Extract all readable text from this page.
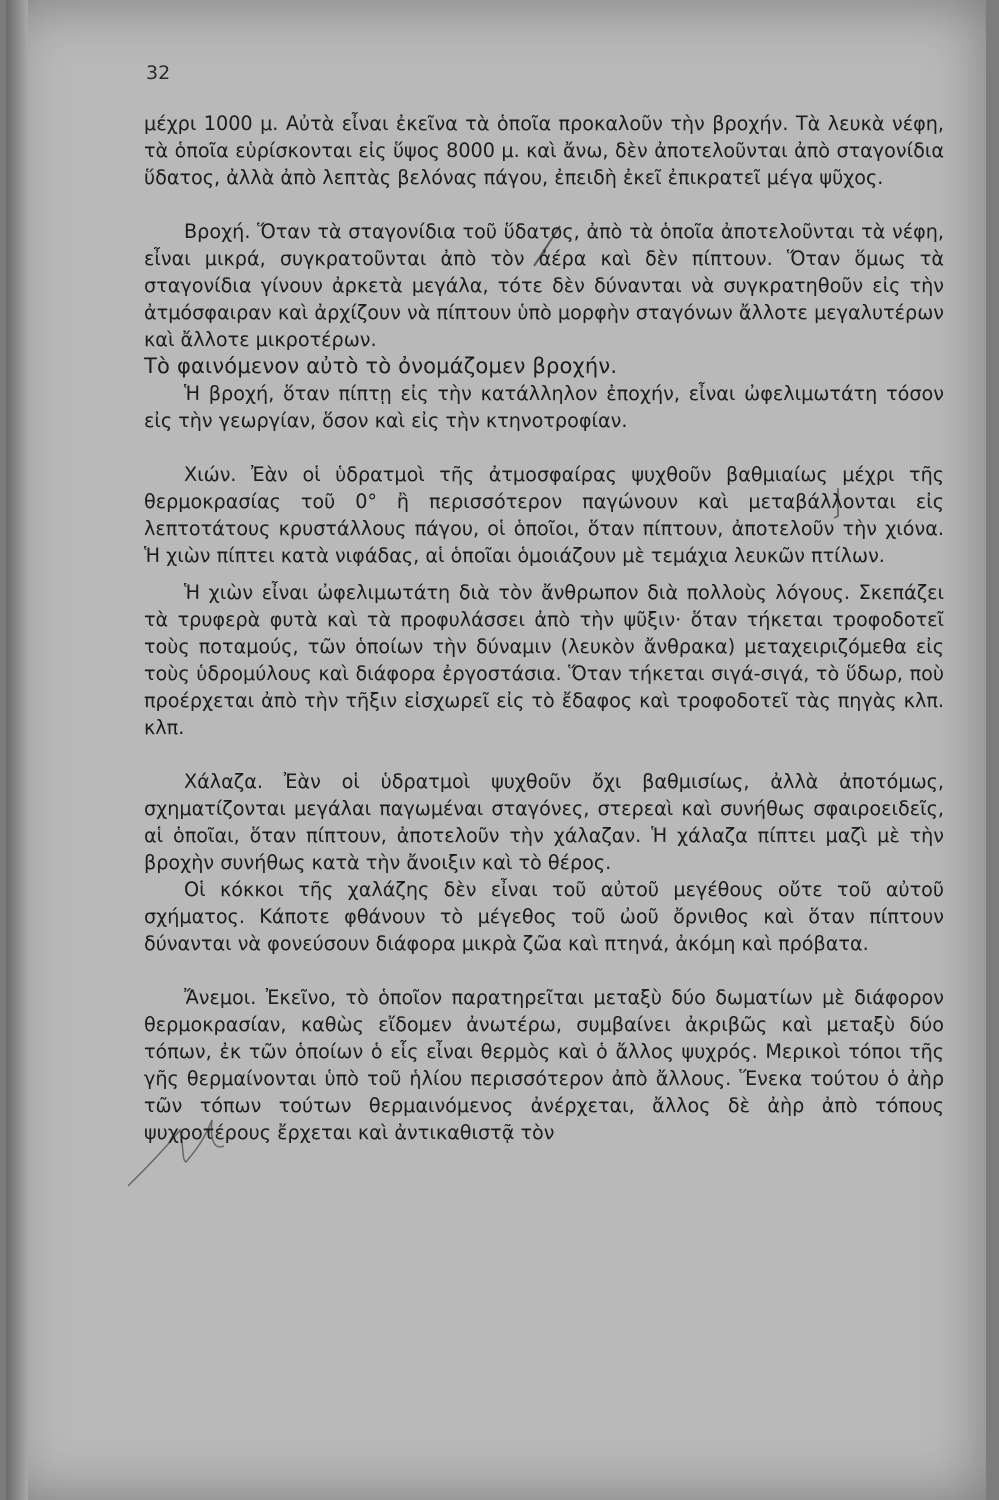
32

μέχρι 1000 μ. Αὐτὰ εἶναι ἐκεῖνα τὰ ὁποῖα προκαλοῦν τὴν βροχήν. Τὰ λευκὰ νέφη, τὰ ὁποῖα εὑρίσκονται εἰς ὕψος 8000 μ. καὶ ἄνω, δὲν ἀποτελοῦνται ἀπὸ σταγονίδια ὕδατος, ἀλλὰ ἀπὸ λεπτὰς βελόνας πάγου, ἐπειδὴ ἐκεῖ ἐπικρατεῖ μέγα ψῦχος.

Βροχή. Ὅταν τὰ σταγονίδια τοῦ ὕδατος, ἀπὸ τὰ ὁποῖα ἀποτελοῦνται τὰ νέφη, εἶναι μικρά, συγκρατοῦνται ἀπὸ τὸν ἀέρα καὶ δὲν πίπτουν. Ὅταν ὅμως τὰ σταγονίδια γίνουν ἀρκετὰ μεγάλα, τότε δὲν δύνανται νὰ συγκρατηθοῦν εἰς τὴν ἀτμόσφαιραν καὶ ἀρχίζουν νὰ πίπτουν ὑπὸ μορφὴν σταγόνων ἄλλοτε μεγαλυτέρων καὶ ἄλλοτε μικροτέρων.

Τὸ φαινόμενον αὐτὸ τὸ ὀνομάζομεν βροχήν.

Ἡ βροχή, ὅταν πίπτῃ εἰς τὴν κατάλληλον ἐποχήν, εἶναι ὠφελιμωτάτη τόσον εἰς τὴν γεωργίαν, ὅσον καὶ εἰς τὴν κτηνοτροφίαν.

Χιών. Ἐὰν οἱ ὑδρατμοὶ τῆς ἀτμοσφαίρας ψυχθοῦν βαθμιαίως μέχρι τῆς θερμοκρασίας τοῦ 0° ἢ περισσότερον παγώνουν καὶ μεταβάλλονται εἰς λεπτοτάτους κρυστάλλους πάγου, οἱ ὁποῖοι, ὅταν πίπτουν, ἀποτελοῦν τὴν χιόνα. Ἡ χιὼν πίπτει κατὰ νιφάδας, αἱ ὁποῖαι ὁμοιάζουν μὲ τεμάχια λευκῶν πτίλων.

Ἡ χιὼν εἶναι ὠφελιμωτάτη διὰ τὸν ἄνθρωπον διὰ πολλοὺς λόγους. Σκεπάζει τὰ τρυφερὰ φυτὰ καὶ τὰ προφυλάσσει ἀπὸ τὴν ψῦξιν· ὅταν τήκεται τροφοδοτεῖ τοὺς ποταμούς, τῶν ὁποίων τὴν δύναμιν (λευκὸν ἄνθρακα) μεταχειριζόμεθα εἰς τοὺς ὑδρομύλους καὶ διάφορα ἐργοστάσια. Ὅταν τήκεται σιγά-σιγά, τὸ ὕδωρ, ποὺ προέρχεται ἀπὸ τὴν τῆξιν εἰσχωρεῖ εἰς τὸ ἔδαφος καὶ τροφοδοτεῖ τὰς πηγὰς κλπ. κλπ.

Χάλαζα. Ἐὰν οἱ ὑδρατμοὶ ψυχθοῦν ὄχι βαθμισίως, ἀλλὰ ἀποτόμως, σχηματίζονται μεγάλαι παγωμέναι σταγόνες, στερεαὶ καὶ συνήθως σφαιροειδεῖς, αἱ ὁποῖαι, ὅταν πίπτουν, ἀποτελοῦν τὴν χάλαζαν. Ἡ χάλαζα πίπτει μαζὶ μὲ τὴν βροχὴν συνήθως κατὰ τὴν ἄνοιξιν καὶ τὸ θέρος.

Οἱ κόκκοι τῆς χαλάζης δὲν εἶναι τοῦ αὐτοῦ μεγέθους οὔτε τοῦ αὐτοῦ σχήματος. Κάποτε φθάνουν τὸ μέγεθος τοῦ ὠοῦ ὄρνιθος καὶ ὅταν πίπτουν δύνανται νὰ φονεύσουν διάφορα μικρὰ ζῶα καὶ πτηνά, ἀκόμη καὶ πρόβατα.

Ἄνεμοι. Ἐκεῖνο, τὸ ὁποῖον παρατηρεῖται μεταξὺ δύο δωματίων μὲ διάφορον θερμοκρασίαν, καθὼς εἴδομεν ἀνωτέρω, συμβαίνει ἀκριβῶς καὶ μεταξὺ δύο τόπων, ἐκ τῶν ὁποίων ὁ εἷς εἶναι θερμὸς καὶ ὁ ἄλλος ψυχρός. Μερικοὶ τόποι τῆς γῆς θερμαίνονται ὑπὸ τοῦ ἡλίου περισσότερον ἀπὸ ἄλλους. Ἕνεκα τούτου ὁ ἀὴρ τῶν τόπων τούτων θερμαινόμενος ἀνέρχεται, ἄλλος δὲ ἀὴρ ἀπὸ τόπους ψυχροτέρους ἔρχεται καὶ ἀντικαθιστᾷ τὸν
